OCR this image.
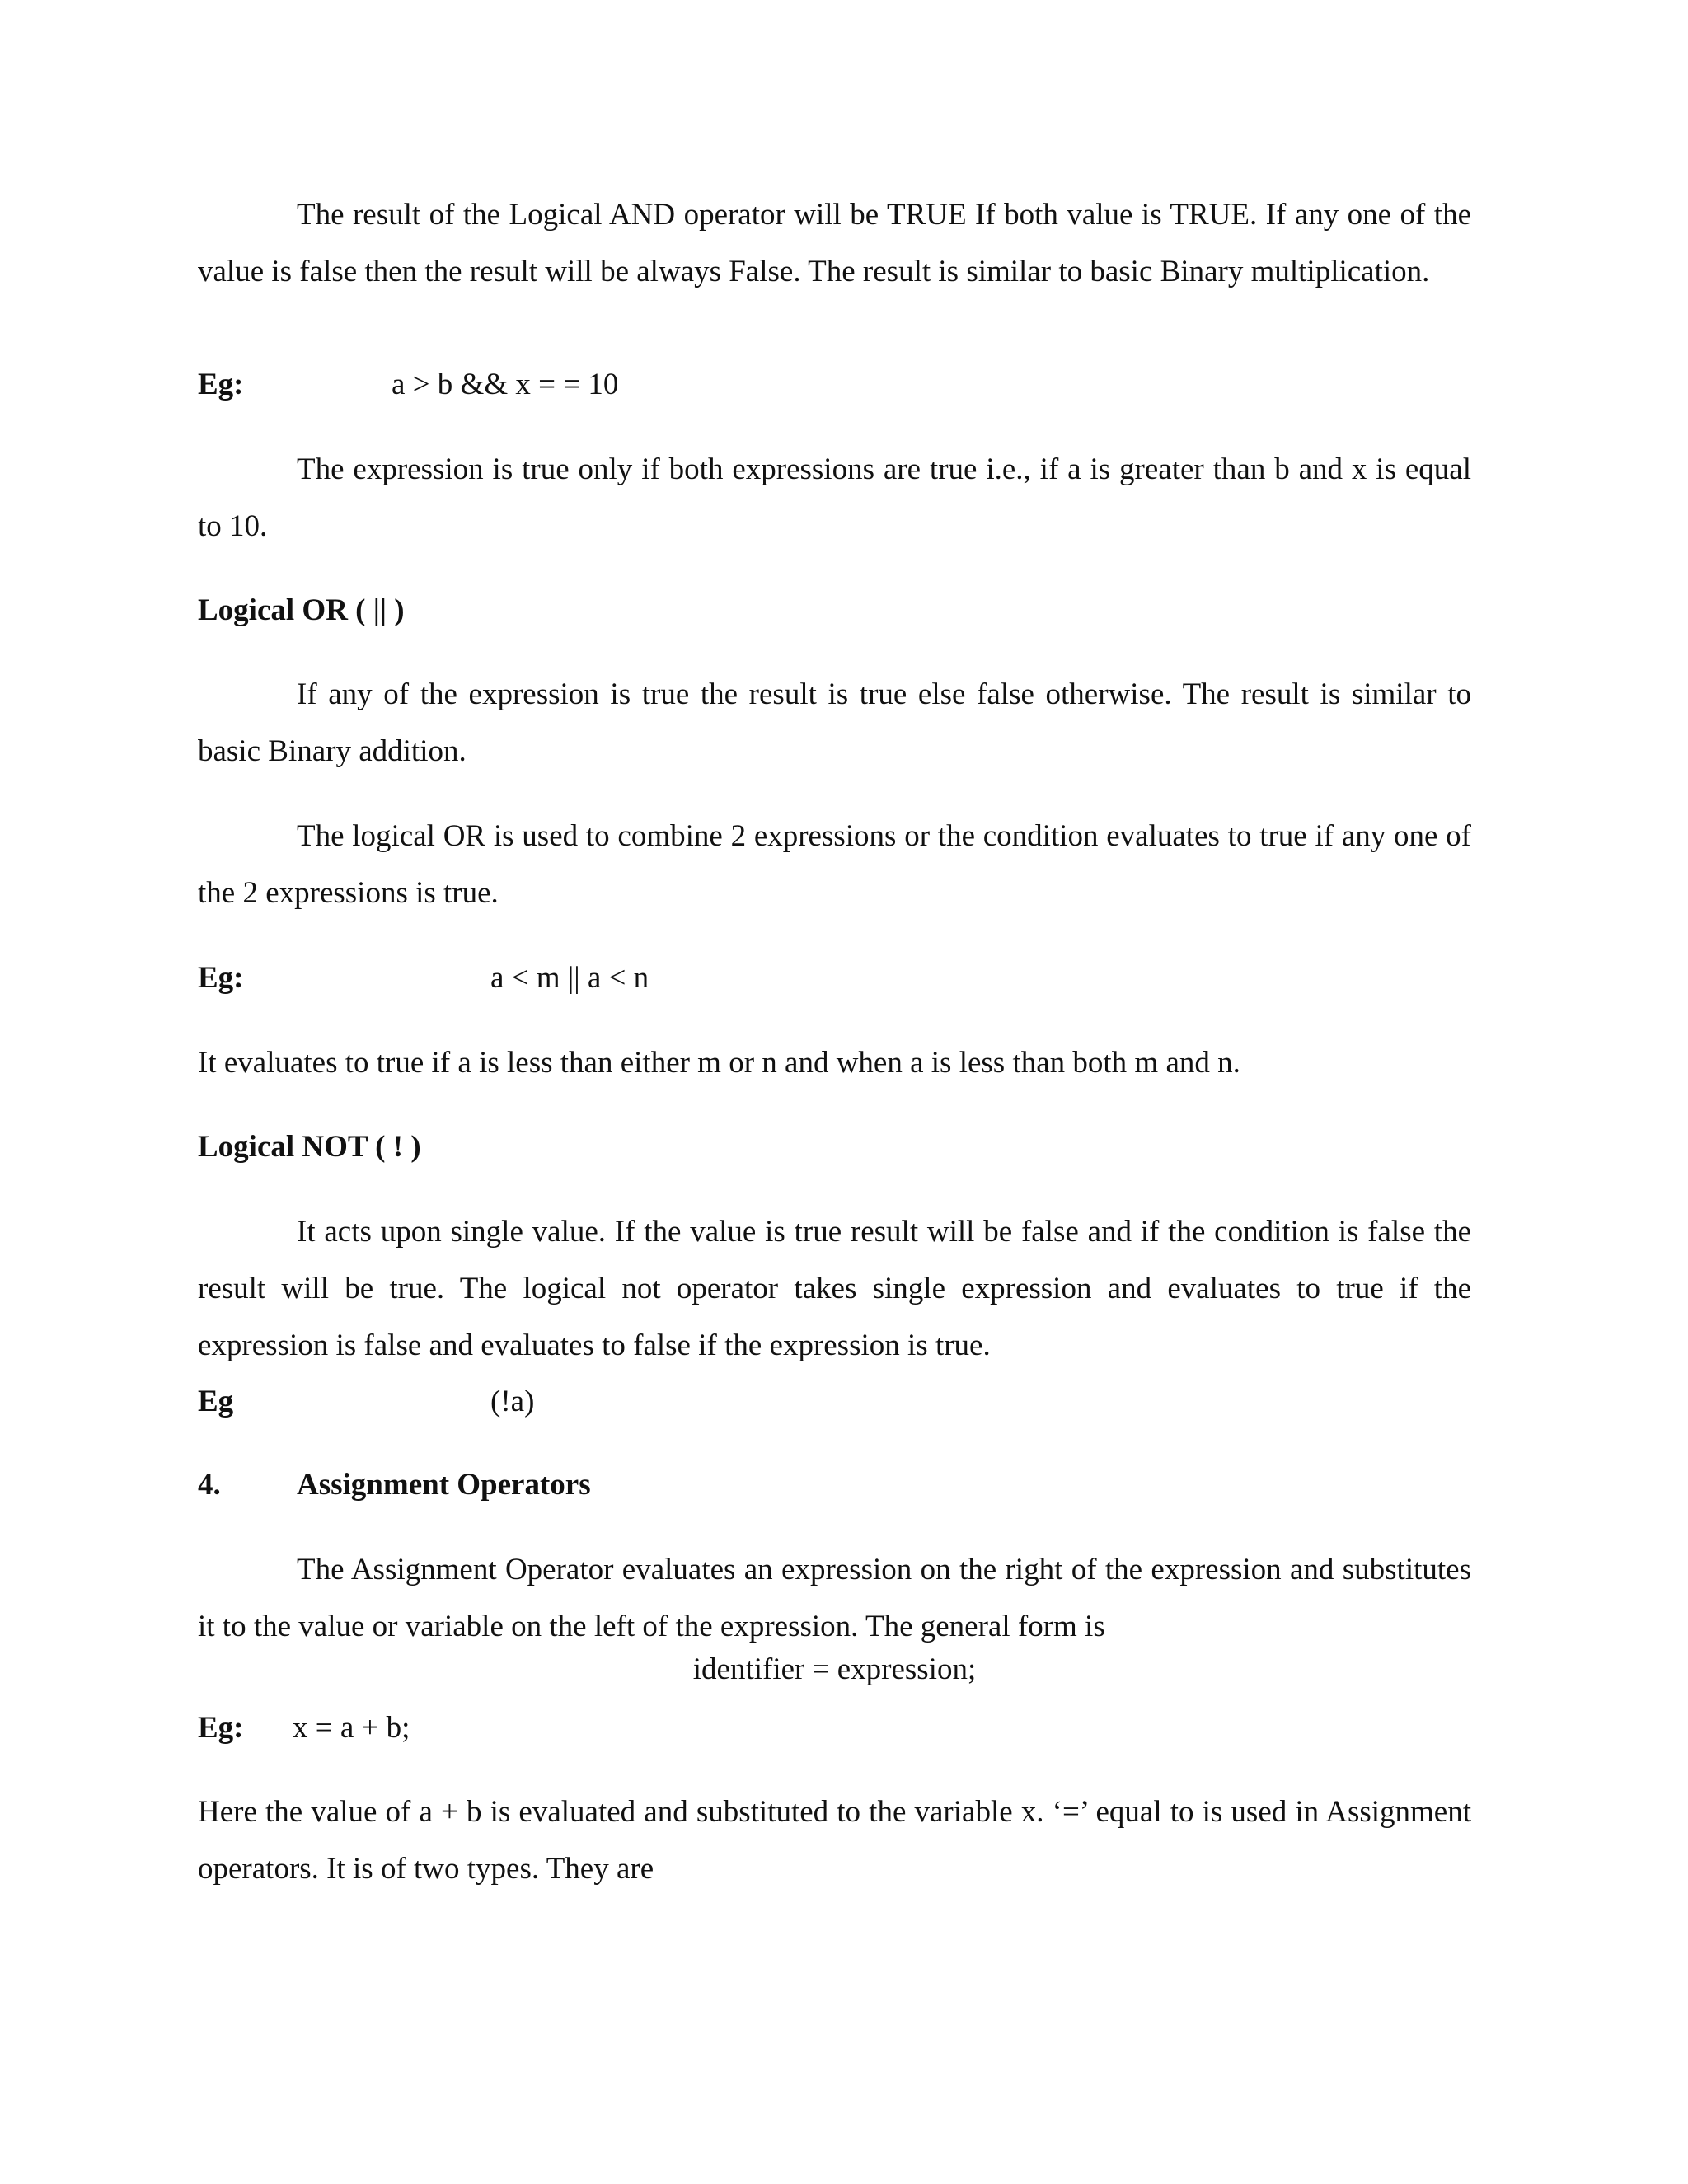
The result of the Logical AND operator will be TRUE If both value is TRUE. If any one of the value is false then the result will be always False. The result is similar to basic Binary multiplication.

Eg:	a > b && x = = 10

The expression is true only if both expressions are true i.e., if a is greater than b and x is equal to 10.

Logical OR ( || )

If any of the expression is true the result is true else false otherwise. The result is similar to basic Binary addition.

The logical OR is used to combine 2 expressions or the condition evaluates to true if any one of the 2 expressions is true.

Eg:	a < m || a < n
It evaluates to true if a is less than either m or n and when a is less than both m and n.
Logical NOT ( ! )

It acts upon single value. If the value is true result will be false and if the condition is false the result will be true. The logical not operator takes single expression and evaluates to true if the expression is false and evaluates to false if the expression is true.

Eg	(!a)
4. Assignment Operators

The Assignment Operator evaluates an expression on the right of the expression and substitutes it to the value or variable on the left of the expression. The general form is

identifier = expression;
Eg: x = a + b;

Here the value of a + b is evaluated and substituted to the variable x. ‘=’ equal to is used in Assignment operators. It is of two types. They are
